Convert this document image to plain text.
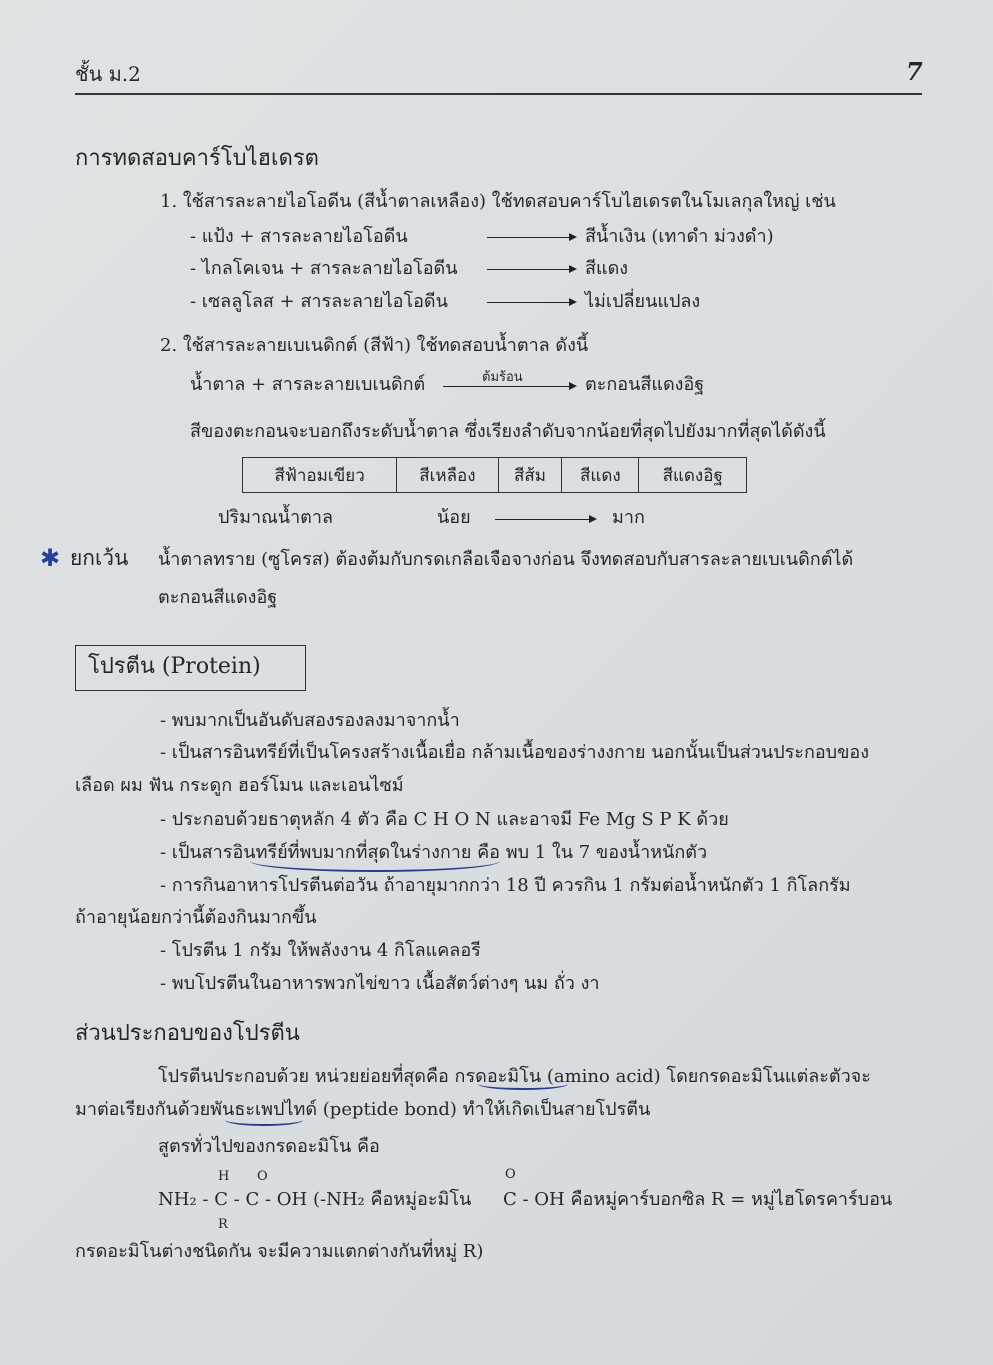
ชั้น ม.2	7
การทดสอบคาร์โบไฮเดรต
1. ใช้สารละลายไอโอดีน (สีน้ำตาลเหลือง) ใช้ทดสอบคาร์โบไฮเดรตในโมเลกุลใหญ่ เช่น
- แป้ง + สารละลายไอโอดีน	สีน้ำเงิน (เทาดำ ม่วงดำ)
- ไกลโคเจน + สารละลายไอโอดีน	สีแดง
- เซลลูโลส + สารละลายไอโอดีน	ไม่เปลี่ยนแปลง
2. ใช้สารละลายเบเนดิกต์ (สีฟ้า) ใช้ทดสอบน้ำตาล ดังนี้
น้ำตาล + สารละลายเบเนดิกต์	ต้มร้อน	ตะกอนสีแดงอิฐ
สีของตะกอนจะบอกถึงระดับน้ำตาล ซึ่งเรียงลำดับจากน้อยที่สุดไปยังมากที่สุดได้ดังนี้
สีฟ้าอมเขียว	สีเหลือง	สีส้ม	สีแดง	สีแดงอิฐ
ปริมาณน้ำตาล	น้อย	มาก
✱ ยกเว้น น้ำตาลทราย (ซูโครส) ต้องต้มกับกรดเกลือเจือจางก่อน จึงทดสอบกับสารละลายเบเนดิกต์ได้
ตะกอนสีแดงอิฐ
โปรตีน (Protein)
- พบมากเป็นอันดับสองรองลงมาจากน้ำ
- เป็นสารอินทรีย์ที่เป็นโครงสร้างเนื้อเยื่อ กล้ามเนื้อของร่างงกาย นอกนั้นเป็นส่วนประกอบของ
เลือด ผม ฟัน กระดูก ฮอร์โมน และเอนไซม์
- ประกอบด้วยธาตุหลัก 4 ตัว คือ C H O N และอาจมี Fe Mg S P K ด้วย
- เป็นสารอินทรีย์ที่พบมากที่สุดในร่างกาย คือ พบ 1 ใน 7 ของน้ำหนักตัว
- การกินอาหารโปรตีนต่อวัน ถ้าอายุมากกว่า 18 ปี ควรกิน 1 กรัมต่อน้ำหนักตัว 1 กิโลกรัม
ถ้าอายุน้อยกว่านี้ต้องกินมากขึ้น
- โปรตีน 1 กรัม ให้พลังงาน 4 กิโลแคลอรี
- พบโปรตีนในอาหารพวกไข่ขาว เนื้อสัตว์ต่างๆ นม ถั่ว งา
ส่วนประกอบของโปรตีน
โปรตีนประกอบด้วย หน่วยย่อยที่สุดคือ กรดอะมิโน (amino acid) โดยกรดอะมิโนแต่ละตัวจะ
มาต่อเรียงกันด้วยพันธะเพปไทด์ (peptide bond) ทำให้เกิดเป็นสายโปรตีน
สูตรทั่วไปของกรดอะมิโน คือ
H O	O
NH₂ - C - C - OH (-NH₂ คือหมู่อะมิโน C - OH คือหมู่คาร์บอกซิล R = หมู่ไฮโดรคาร์บอน
R
กรดอะมิโนต่างชนิดกัน จะมีความแตกต่างกันที่หมู่ R)
